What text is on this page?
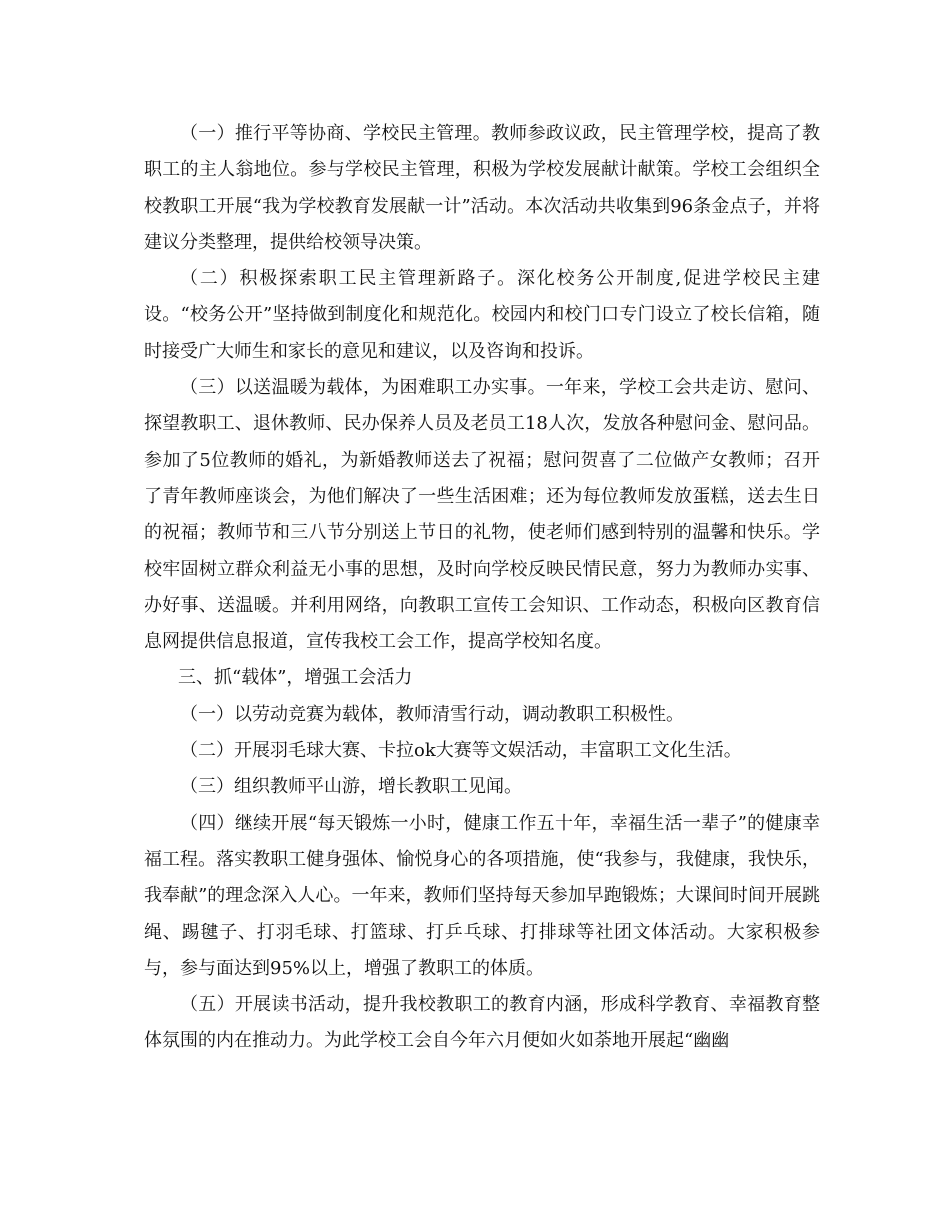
（一）推行平等协商、学校民主管理。教师参政议政，民主管理学校，提高了教职工的主人翁地位。参与学校民主管理，积极为学校发展献计献策。学校工会组织全校教职工开展“我为学校教育发展献一计”活动。本次活动共收集到96条金点子，并将建议分类整理，提供给校领导决策。

（二）积极探索职工民主管理新路子。深化校务公开制度,促进学校民主建设。“校务公开”坚持做到制度化和规范化。校园内和校门口专门设立了校长信箱，随时接受广大师生和家长的意见和建议，以及咨询和投诉。

（三）以送温暖为载体，为困难职工办实事。一年来，学校工会共走访、慰问、探望教职工、退休教师、民办保养人员及老员工18人次，发放各种慰问金、慰问品。参加了5位教师的婚礼，为新婚教师送去了祝福；慰问贺喜了二位做产女教师；召开了青年教师座谈会，为他们解决了一些生活困难；还为每位教师发放蛋糕，送去生日的祝福；教师节和三八节分别送上节日的礼物，使老师们感到特别的温馨和快乐。学校牢固树立群众利益无小事的思想，及时向学校反映民情民意，努力为教师办实事、办好事、送温暖。并利用网络，向教职工宣传工会知识、工作动态，积极向区教育信息网提供信息报道，宣传我校工会工作，提高学校知名度。

三、抓“载体”，增强工会活力

（一）以劳动竞赛为载体，教师清雪行动，调动教职工积极性。

（二）开展羽毛球大赛、卡拉ok大赛等文娱活动，丰富职工文化生活。

（三）组织教师平山游，增长教职工见闻。

（四）继续开展“每天锻炼一小时，健康工作五十年，幸福生活一辈子”的健康幸福工程。落实教职工健身强体、愉悦身心的各项措施，使“我参与，我健康，我快乐，我奉献”的理念深入人心。一年来，教师们坚持每天参加早跑锻炼；大课间时间开展跳绳、踢毽子、打羽毛球、打篮球、打乒乓球、打排球等社团文体活动。大家积极参与，参与面达到95%以上，增强了教职工的体质。

（五）开展读书活动，提升我校教职工的教育内涵，形成科学教育、幸福教育整体氛围的内在推动力。为此学校工会自今年六月便如火如荼地开展起“幽幽
